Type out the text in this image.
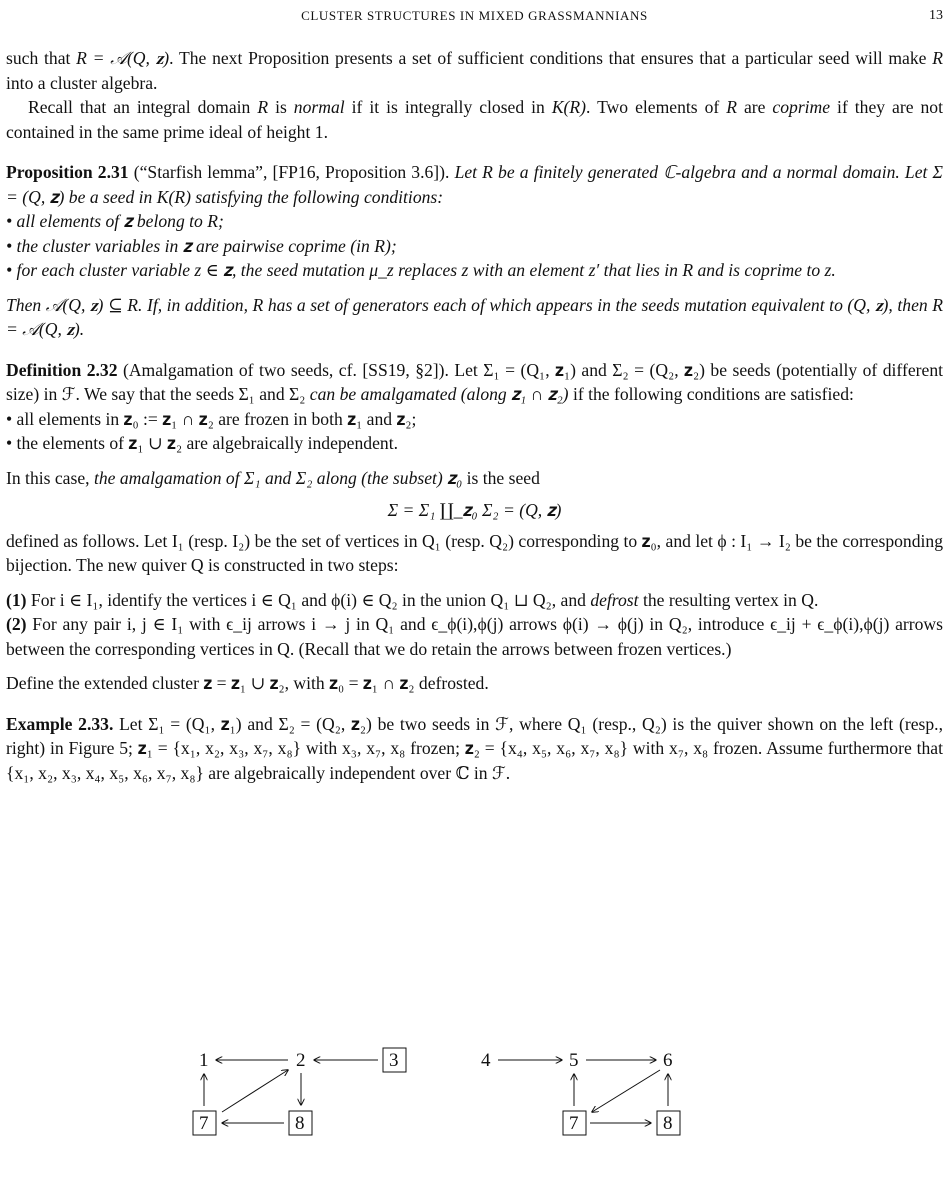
CLUSTER STRUCTURES IN MIXED GRASSMANNIANS	13

such that R = 𝒜(Q, 𝐳). The next Proposition presents a set of sufficient conditions that ensures that a particular seed will make R into a cluster algebra.

Recall that an integral domain R is normal if it is integrally closed in K(R). Two elements of R are coprime if they are not contained in the same prime ideal of height 1.

Proposition 2.31 (“Starfish lemma”, [FP16, Proposition 3.6]). Let R be a finitely generated ℂ-algebra and a normal domain. Let Σ = (Q, 𝐳) be a seed in K(R) satisfying the following conditions:

• all elements of 𝐳 belong to R;
• the cluster variables in 𝐳 are pairwise coprime (in R);
• for each cluster variable z ∈ 𝐳, the seed mutation μ_z replaces z with an element z′ that lies in R and is coprime to z.

Then 𝒜(Q, 𝐳) ⊆ R. If, in addition, R has a set of generators each of which appears in the seeds mutation equivalent to (Q, 𝐳), then R = 𝒜(Q, 𝐳).

Definition 2.32 (Amalgamation of two seeds, cf. [SS19, §2]). Let Σ₁ = (Q₁, 𝐳₁) and Σ₂ = (Q₂, 𝐳₂) be seeds (potentially of different size) in ℱ. We say that the seeds Σ₁ and Σ₂ can be amalgamated (along 𝐳₁ ∩ 𝐳₂) if the following conditions are satisfied:

• all elements in 𝐳₀ := 𝐳₁ ∩ 𝐳₂ are frozen in both 𝐳₁ and 𝐳₂;
• the elements of 𝐳₁ ∪ 𝐳₂ are algebraically independent.

In this case, the amalgamation of Σ₁ and Σ₂ along (the subset) 𝐳₀ is the seed

Σ = Σ₁ ∐_𝐳₀ Σ₂ = (Q, 𝐳)

defined as follows. Let I₁ (resp. I₂) be the set of vertices in Q₁ (resp. Q₂) corresponding to 𝐳₀, and let ϕ : I₁ → I₂ be the corresponding bijection. The new quiver Q is constructed in two steps:

(1) For i ∈ I₁, identify the vertices i ∈ Q₁ and ϕ(i) ∈ Q₂ in the union Q₁ ⊔ Q₂, and defrost the resulting vertex in Q.

(2) For any pair i, j ∈ I₁ with ϵ_ij arrows i → j in Q₁ and ϵ_ϕ(i),ϕ(j) arrows ϕ(i) → ϕ(j) in Q₂, introduce ϵ_ij + ϵ_ϕ(i),ϕ(j) arrows between the corresponding vertices in Q. (Recall that we do retain the arrows between frozen vertices.)

Define the extended cluster 𝐳 = 𝐳₁ ∪ 𝐳₂, with 𝐳₀ = 𝐳₁ ∩ 𝐳₂ defrosted.

Example 2.33. Let Σ₁ = (Q₁, 𝐳₁) and Σ₂ = (Q₂, 𝐳₂) be two seeds in ℱ, where Q₁ (resp., Q₂) is the quiver shown on the left (resp., right) in Figure 5; 𝐳₁ = {x₁, x₂, x₃, x₇, x₈} with x₃, x₇, x₈ frozen; 𝐳₂ = {x₄, x₅, x₆, x₇, x₈} with x₇, x₈ frozen. Assume furthermore that {x₁, x₂, x₃, x₄, x₅, x₆, x₇, x₈} are algebraically independent over ℂ in ℱ.

1	2	3
7	8
4	5	6
7	8
